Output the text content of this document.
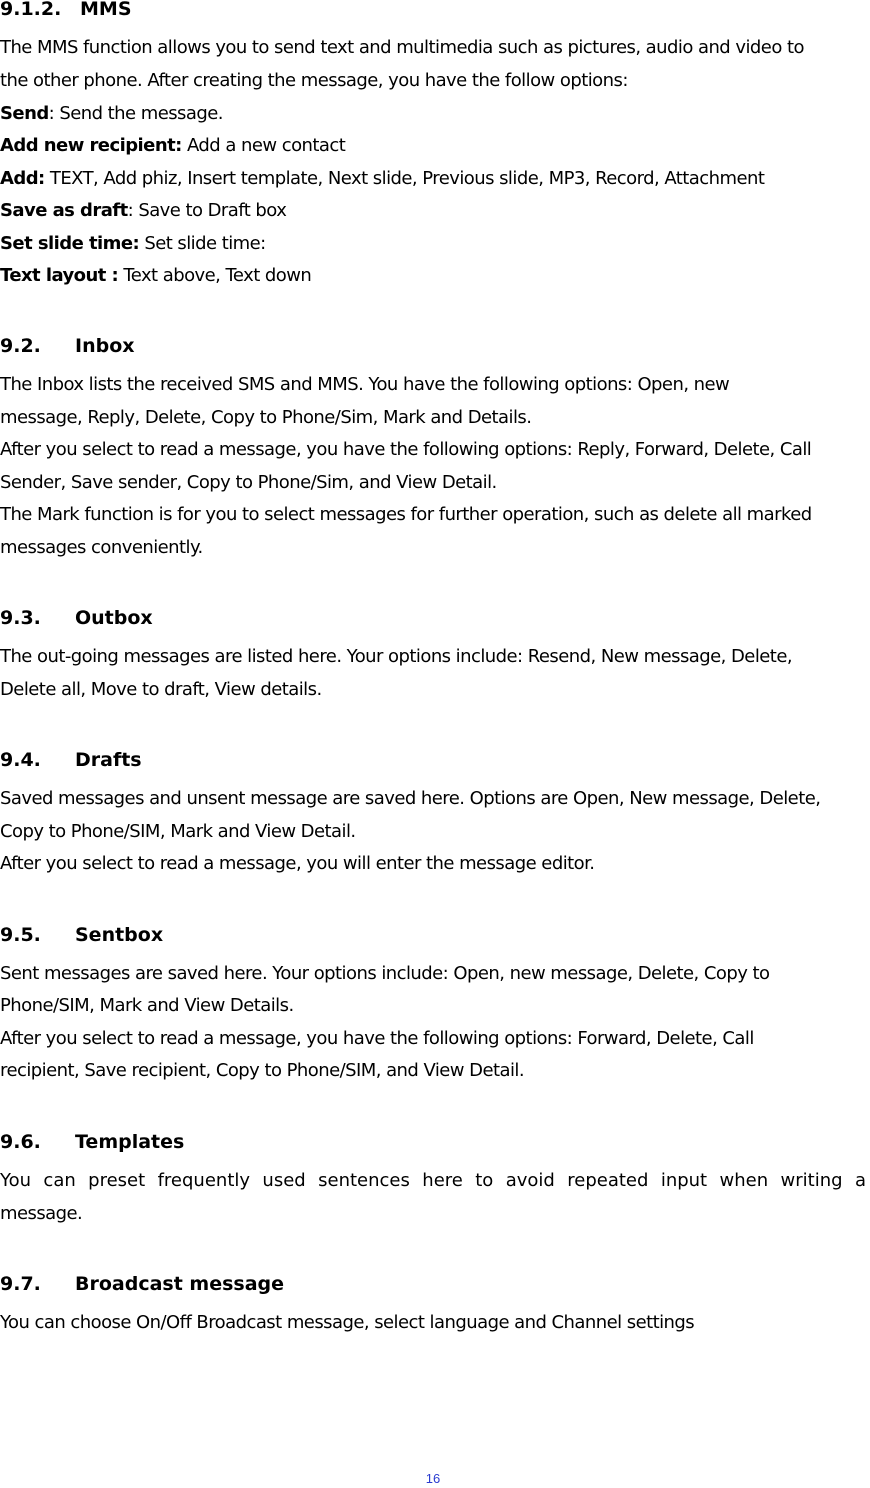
9.1.2. MMS
The MMS function allows you to send text and multimedia such as pictures, audio and video to
the other phone. After creating the message, you have the follow options:
Send: Send the message.
Add new recipient: Add a new contact
Add: TEXT, Add phiz, Insert template, Next slide, Previous slide, MP3, Record, Attachment
Save as draft: Save to Draft box
Set slide time: Set slide time:
Text layout : Text above, Text down
9.2. Inbox
The Inbox lists the received SMS and MMS. You have the following options: Open, new
message, Reply, Delete, Copy to Phone/Sim, Mark and Details.
After you select to read a message, you have the following options: Reply, Forward, Delete, Call
Sender, Save sender, Copy to Phone/Sim, and View Detail.
The Mark function is for you to select messages for further operation, such as delete all marked
messages conveniently.
9.3. Outbox
The out-going messages are listed here. Your options include: Resend, New message, Delete,
Delete all, Move to draft, View details.
9.4. Drafts
Saved messages and unsent message are saved here. Options are Open, New message, Delete,
Copy to Phone/SIM, Mark and View Detail.
After you select to read a message, you will enter the message editor.
9.5. Sentbox
Sent messages are saved here. Your options include: Open, new message, Delete, Copy to
Phone/SIM, Mark and View Details.
After you select to read a message, you have the following options: Forward, Delete, Call
recipient, Save recipient, Copy to Phone/SIM, and View Detail.
9.6. Templates
You can preset frequently used sentences here to avoid repeated input when writing a
message.
9.7. Broadcast message
You can choose On/Off Broadcast message, select language and Channel settings
16
